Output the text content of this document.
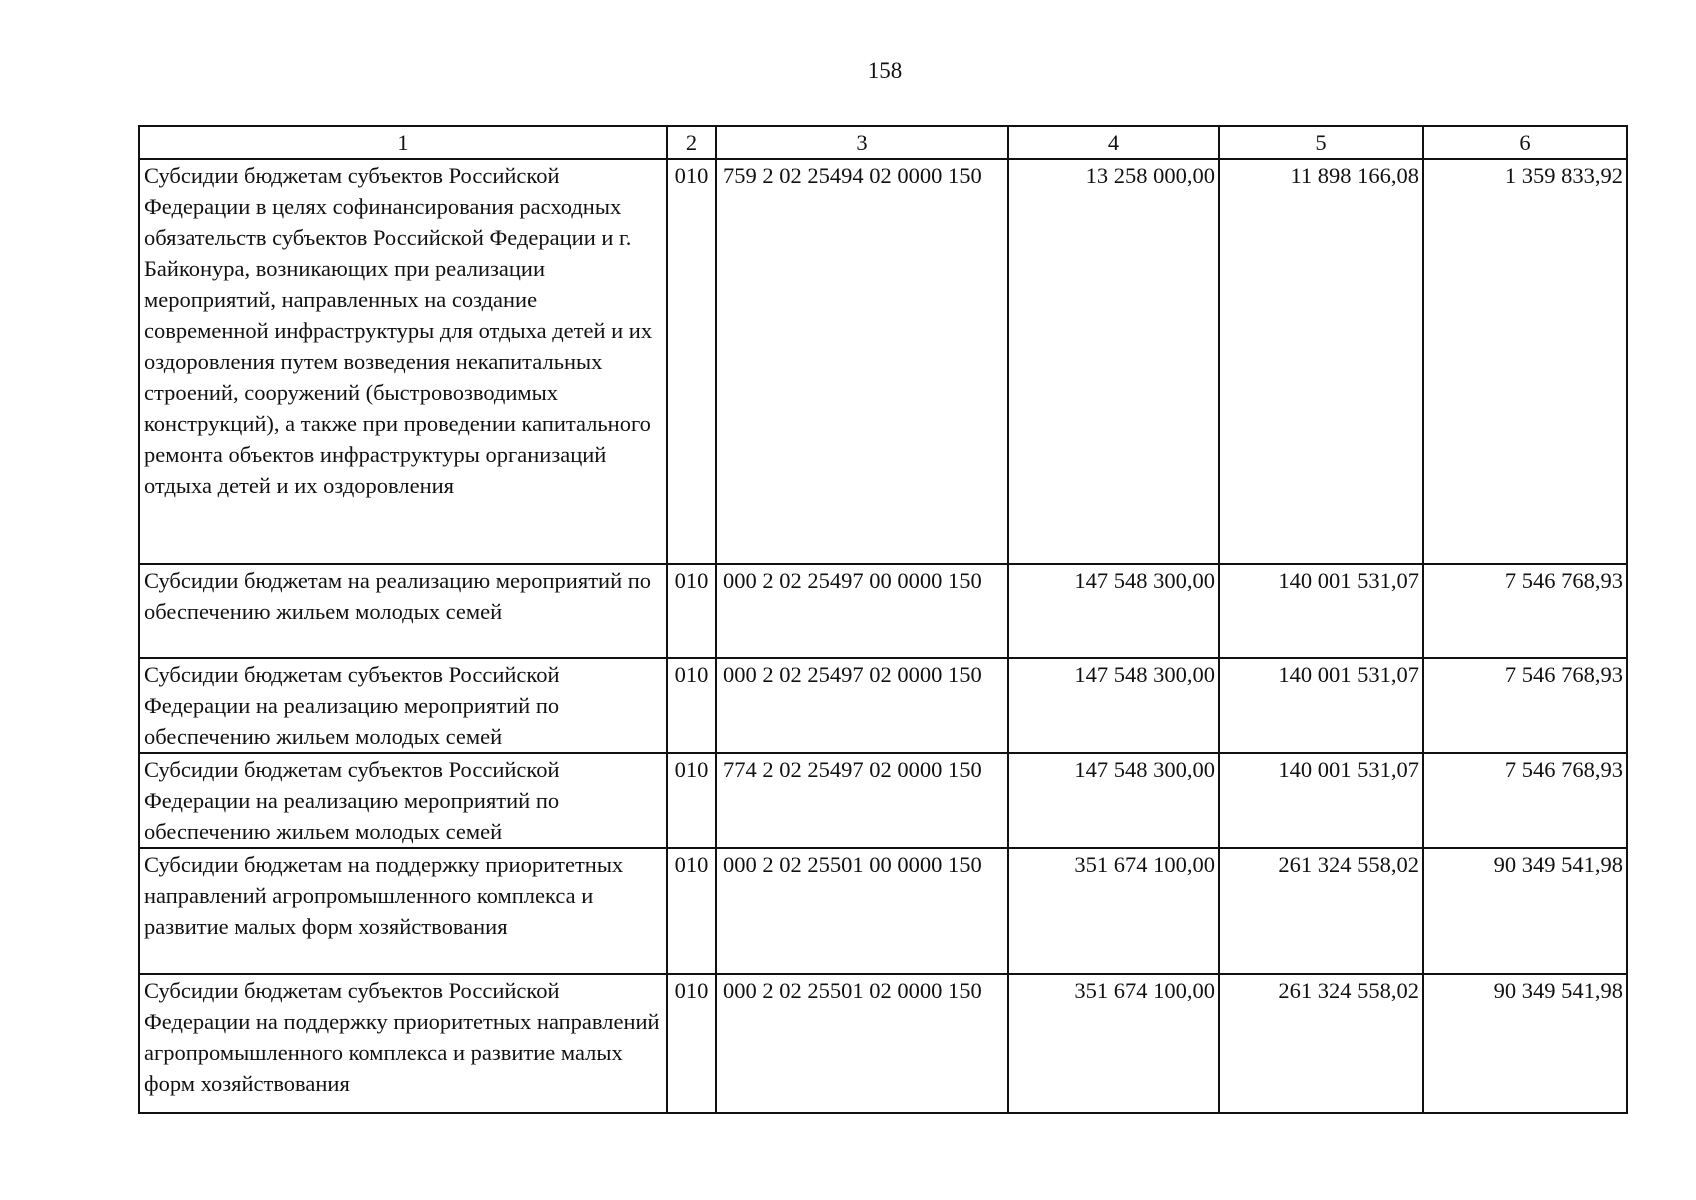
158
1	2	3	4	5	6
Субсидии бюджетам субъектов Российской Федерации в целях софинансирования расходных обязательств субъектов Российской Федерации и г. Байконура, возникающих при реализации мероприятий, направленных на создание современной инфраструктуры для отдыха детей и их оздоровления путем возведения некапитальных строений, сооружений (быстровозводимых конструкций), а также при проведении капитального ремонта объектов инфраструктуры организаций отдыха детей и их оздоровления	010	759 2 02 25494 02 0000 150	13 258 000,00	11 898 166,08	1 359 833,92
Субсидии бюджетам на реализацию мероприятий по обеспечению жильем молодых семей	010	000 2 02 25497 00 0000 150	147 548 300,00	140 001 531,07	7 546 768,93
Субсидии бюджетам субъектов Российской Федерации на реализацию мероприятий по обеспечению жильем молодых семей	010	000 2 02 25497 02 0000 150	147 548 300,00	140 001 531,07	7 546 768,93
Субсидии бюджетам субъектов Российской Федерации на реализацию мероприятий по обеспечению жильем молодых семей	010	774 2 02 25497 02 0000 150	147 548 300,00	140 001 531,07	7 546 768,93
Субсидии бюджетам на поддержку приоритетных направлений агропромышленного комплекса и развитие малых форм хозяйствования	010	000 2 02 25501 00 0000 150	351 674 100,00	261 324 558,02	90 349 541,98
Субсидии бюджетам субъектов Российской Федерации на поддержку приоритетных направлений агропромышленного комплекса и развитие малых форм хозяйствования	010	000 2 02 25501 02 0000 150	351 674 100,00	261 324 558,02	90 349 541,98
